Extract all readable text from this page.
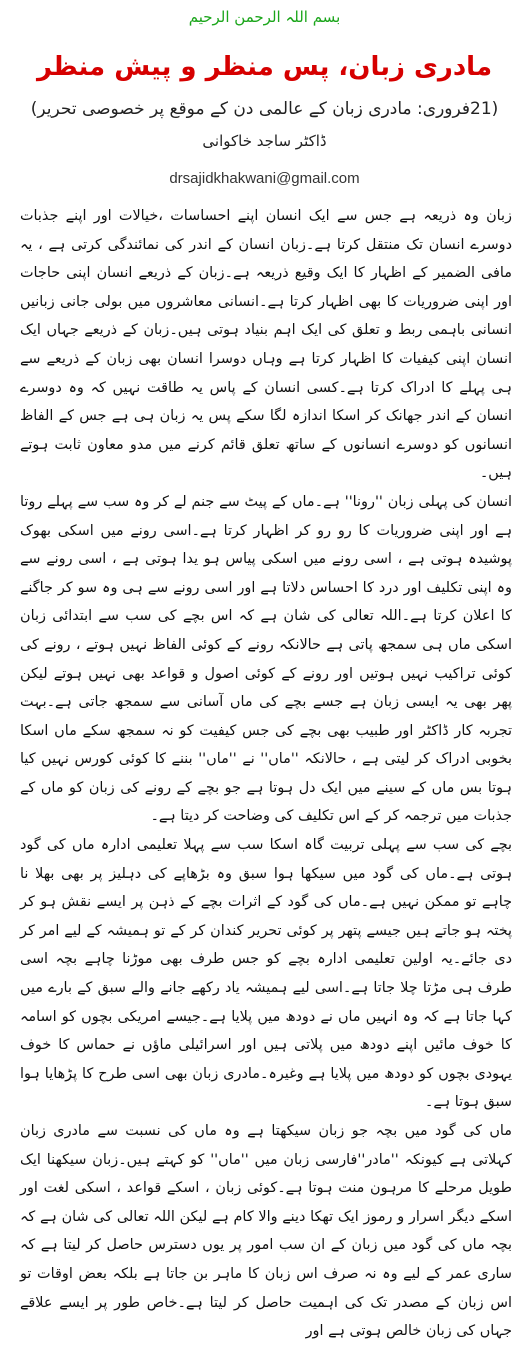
بسم اللہ الرحمن الرحیم
مادری زبان، پس منظر و پیش منظر
(21فروری: مادری زبان کے عالمی دن کے موقع پر خصوصی تحریر)
ڈاکٹر ساجد خاکوانی
drsajidkhakwani@gmail.com

زبان وہ ذریعہ ہے جس سے ایک انسان اپنے احساسات ،خیالات اور اپنے جذبات دوسرے انسان تک منتقل کرتا ہے۔زبان انسان کے اندر کی نمائندگی کرتی ہے ، یہ مافی الضمیر کے اظہار کا ایک وقیع ذریعہ ہے۔زبان کے ذریعے انسان اپنی حاجات اور اپنی ضروریات کا بھی اظہار کرتا ہے۔انسانی معاشروں میں بولی جانی زبانیں انسانی باہمی ربط و تعلق کی ایک اہم بنیاد ہوتی ہیں۔زبان کے ذریعے جہاں ایک انسان اپنی کیفیات کا اظہار کرتا ہے وہاں دوسرا انسان بھی زبان کے ذریعے سے ہی پہلے کا ادراک کرتا ہے۔کسی انسان کے پاس یہ طاقت نہیں کہ وہ دوسرے انسان کے اندر جھانک کر اسکا اندازہ لگا سکے پس یہ زبان ہی ہے جس کے الفاظ انسانوں کو دوسرے انسانوں کے ساتھ تعلق قائم کرنے میں مدو معاون ثابت ہوتے ہیں۔

انسان کی پہلی زبان ''رونا'' ہے۔ماں کے پیٹ سے جنم لے کر وہ سب سے پہلے روتا ہے اور اپنی ضروریات کا رو رو کر اظہار کرتا ہے۔اسی رونے میں اسکی بھوک پوشیدہ ہوتی ہے ، اسی رونے میں اسکی پیاس ہو یدا ہوتی ہے ، اسی رونے سے وہ اپنی تکلیف اور درد کا احساس دلاتا ہے اور اسی رونے سے ہی وہ سو کر جاگنے کا اعلان کرتا ہے۔اللہ تعالی کی شان ہے کہ اس بچے کی سب سے ابتدائی زبان اسکی ماں ہی سمجھ پاتی ہے حالانکہ رونے کے کوئی الفاظ نہیں ہوتے ، رونے کی کوئی تراکیب نہیں ہوتیں اور رونے کے کوئی اصول و قواعد بھی نہیں ہوتے لیکن پھر بھی یہ ایسی زبان ہے جسے بچے کی ماں آسانی سے سمجھ جاتی ہے۔بہت تجربہ کار ڈاکٹر اور طبیب بھی بچے کی جس کیفیت کو نہ سمجھ سکے ماں اسکا بخوبی ادراک کر لیتی ہے ، حالانکہ ''ماں'' نے ''ماں'' بننے کا کوئی کورس نہیں کیا ہوتا بس ماں کے سینے میں ایک دل ہوتا ہے جو بچے کے رونے کی زبان کو ماں کے جذبات میں ترجمہ کر کے اس تکلیف کی وضاحت کر دیتا ہے۔

بچے کی سب سے پہلی تربیت گاہ اسکا سب سے پہلا تعلیمی ادارہ ماں کی گود ہوتی ہے۔ماں کی گود میں سیکھا ہوا سبق وہ بڑھاپے کی دہلیز پر بھی بھلا نا چاہے تو ممکن نہیں ہے۔ماں کی گود کے اثرات بچے کے ذہن پر ایسے نقش ہو کر پختہ ہو جاتے ہیں جیسے پتھر پر کوئی تحریر کندان کر کے تو ہمیشہ کے لیے امر کر دی جائے۔یہ اولین تعلیمی ادارہ بچے کو جس طرف بھی موڑنا چاہے بچہ اسی طرف ہی مڑتا چلا جاتا ہے۔اسی لیے ہمیشہ یاد رکھے جانے والے سبق کے بارے میں کہا جاتا ہے کہ وہ انہیں ماں نے دودھ میں پلایا ہے۔جیسے امریکی بچوں کو اسامہ کا خوف مائیں اپنے دودھ میں پلاتی ہیں اور اسرائیلی ماؤں نے حماس کا خوف یہودی بچوں کو دودھ میں پلایا ہے وغیرہ۔مادری زبان بھی اسی طرح کا پڑھایا ہوا سبق ہوتا ہے۔

ماں کی گود میں بچہ جو زبان سیکھتا ہے وہ ماں کی نسبت سے مادری زبان کہلاتی ہے کیونکہ ''مادر''فارسی زبان میں ''ماں'' کو کہتے ہیں۔زبان سیکھنا ایک طویل مرحلے کا مرہون منت ہوتا ہے۔کوئی زبان ، اسکے قواعد ، اسکی لغت اور اسکے دیگر اسرار و رموز ایک تھکا دینے والا کام ہے لیکن اللہ تعالی کی شان ہے کہ بچہ ماں کی گود میں زبان کے ان سب امور پر یوں دسترس حاصل کر لیتا ہے کہ ساری عمر کے لیے وہ نہ صرف اس زبان کا ماہر بن جاتا ہے بلکہ بعض اوقات تو اس زبان کے مصدر تک کی اہمیت حاصل کر لیتا ہے۔خاص طور پر ایسے علاقے جہاں کی زبان خالص ہوتی ہے اور
